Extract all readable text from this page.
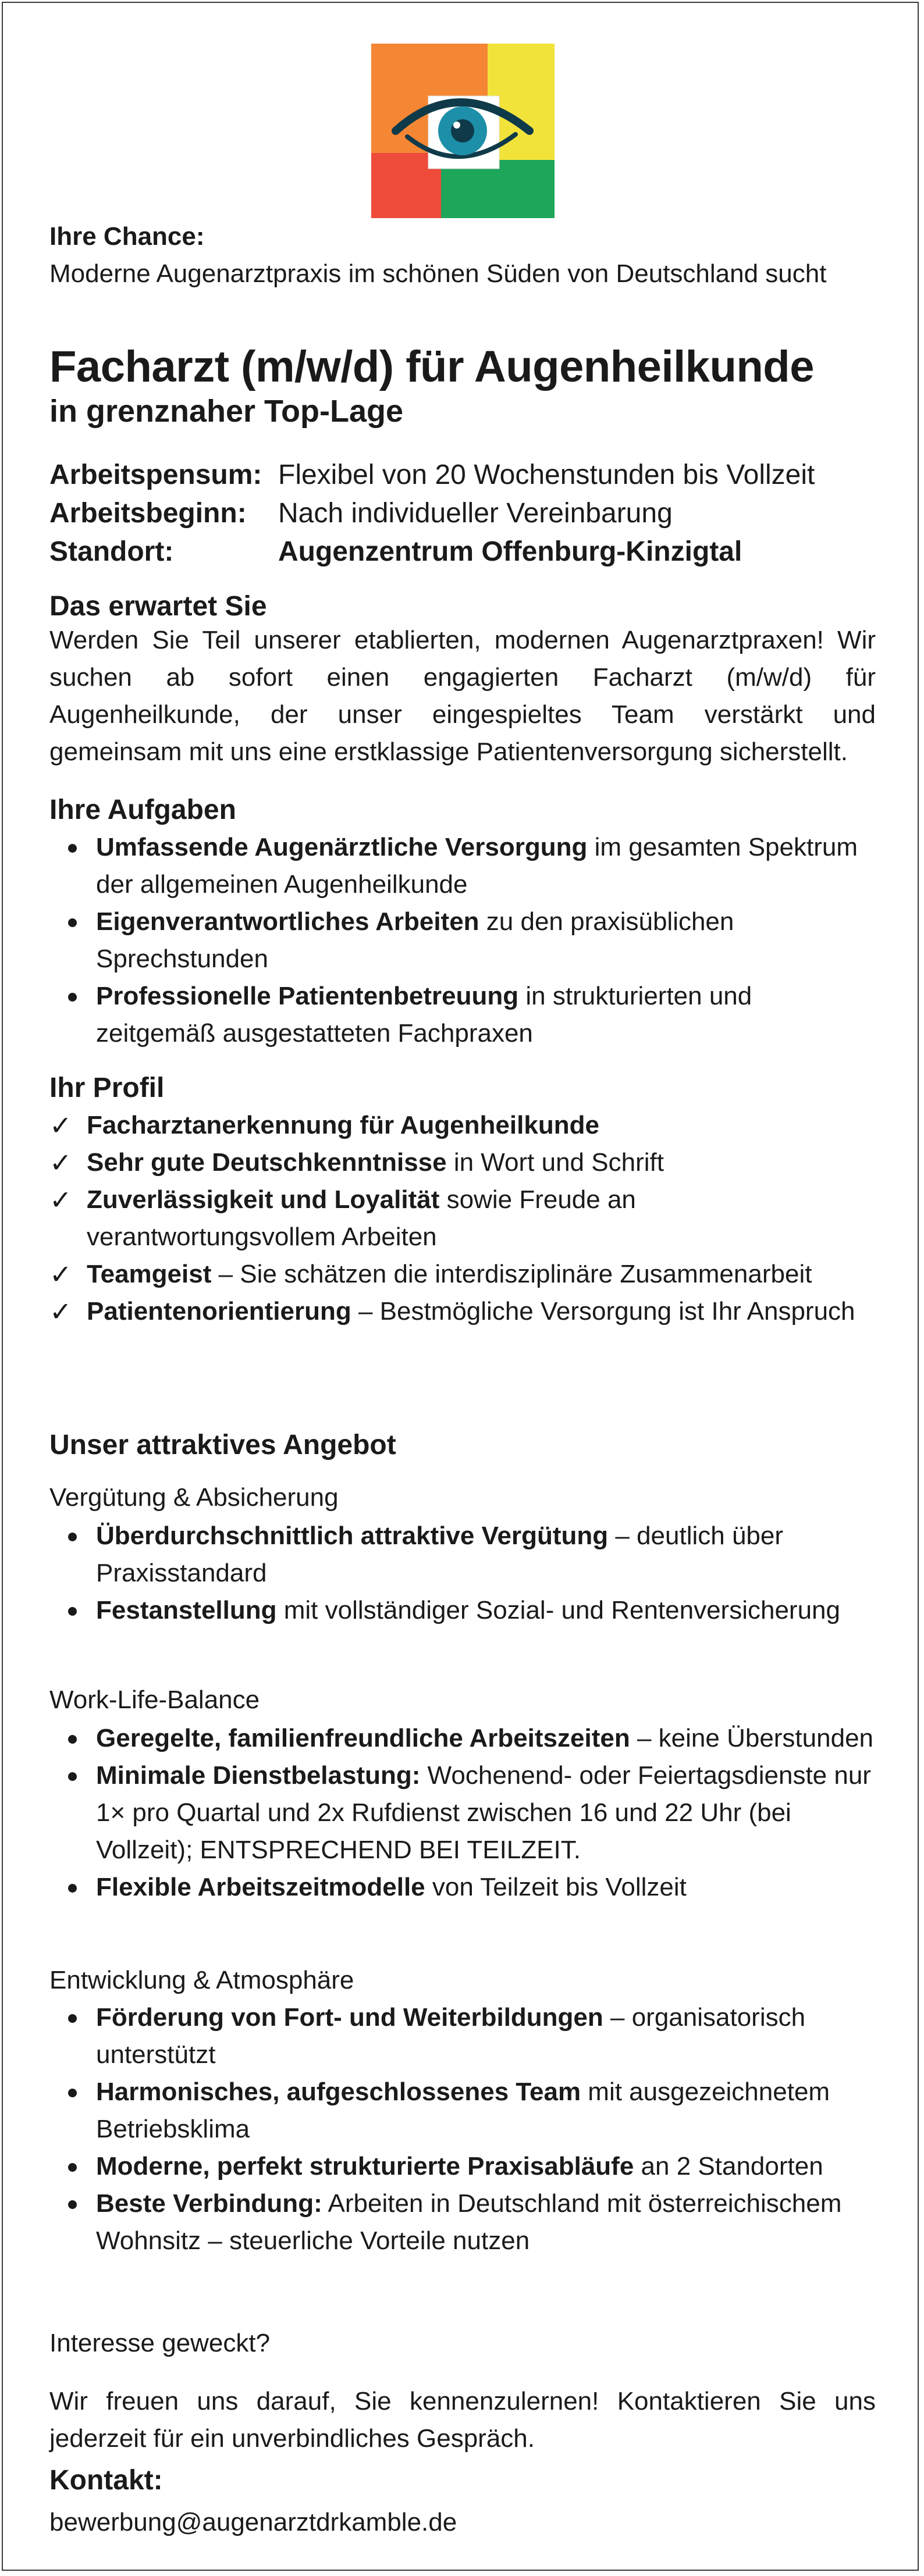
Ihre Chance:
Moderne Augenarztpraxis im schönen Süden von Deutschland sucht
Facharzt (m/w/d) für Augenheilkunde
in grenznaher Top-Lage
Arbeitspensum: Flexibel von 20 Wochenstunden bis Vollzeit
Arbeitsbeginn: Nach individueller Vereinbarung
Standort:	Augenzentrum Offenburg-Kinzigtal
Das erwartet Sie
Werden Sie Teil unserer etablierten, modernen Augenarztpraxen! Wir suchen ab sofort einen engagierten Facharzt (m/w/d) für Augenheilkunde, der unser eingespieltes Team verstärkt und gemeinsam mit uns eine erstklassige Patientenversorgung sicherstellt.
Ihre Aufgaben
Umfassende Augenärztliche Versorgung im gesamten Spektrum der allgemeinen Augenheilkunde
Eigenverantwortliches Arbeiten zu den praxisüblichen Sprechstunden
Professionelle Patientenbetreuung in strukturierten und zeitgemäß ausgestatteten Fachpraxen
Ihr Profil
✓ Facharztanerkennung für Augenheilkunde
✓ Sehr gute Deutschkenntnisse in Wort und Schrift
✓ Zuverlässigkeit und Loyalität sowie Freude an verantwortungsvollem Arbeiten
✓ Teamgeist – Sie schätzen die interdisziplinäre Zusammenarbeit
✓ Patientenorientierung – Bestmögliche Versorgung ist Ihr Anspruch
Unser attraktives Angebot
Vergütung & Absicherung
Überdurchschnittlich attraktive Vergütung – deutlich über Praxisstandard
Festanstellung mit vollständiger Sozial- und Rentenversicherung
Work-Life-Balance
Geregelte, familienfreundliche Arbeitszeiten – keine Überstunden
Minimale Dienstbelastung: Wochenend- oder Feiertagsdienste nur 1× pro Quartal und 2x Rufdienst zwischen 16 und 22 Uhr (bei Vollzeit); ENTSPRECHEND BEI TEILZEIT.
Flexible Arbeitszeitmodelle von Teilzeit bis Vollzeit
Entwicklung & Atmosphäre
Förderung von Fort- und Weiterbildungen – organisatorisch unterstützt
Harmonisches, aufgeschlossenes Team mit ausgezeichnetem Betriebsklima
Moderne, perfekt strukturierte Praxisabläufe an 2 Standorten
Beste Verbindung: Arbeiten in Deutschland mit österreichischem Wohnsitz – steuerliche Vorteile nutzen
Interesse geweckt?
Wir freuen uns darauf, Sie kennenzulernen! Kontaktieren Sie uns jederzeit für ein unverbindliches Gespräch.
Kontakt:
bewerbung@augenarztdrkamble.de
